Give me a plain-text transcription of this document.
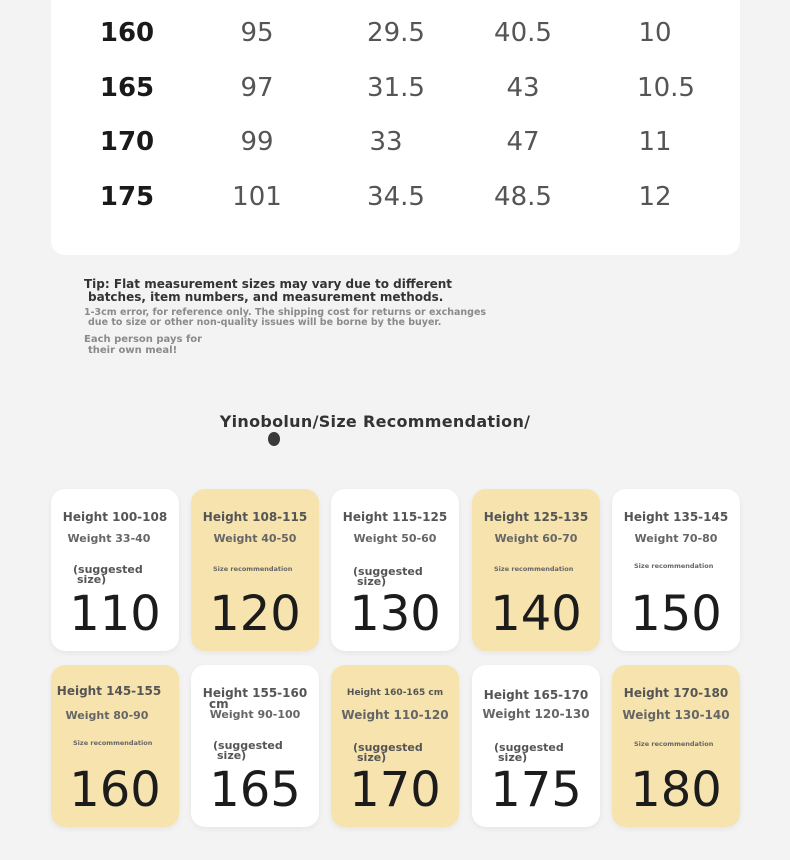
160	95	29.5	40.5	10
165	97	31.5	43	10.5
170	99	33	47	11
175	101	34.5	48.5	12
Tip: Flat measurement sizes may vary due to different
batches, item numbers, and measurement methods.
1-3cm error, for reference only. The shipping cost for returns or exchanges
due to size or other non-quality issues will be borne by the buyer.
Each person pays for
their own meal!
Yinobolun/Size Recommendation/
Height 100-108
Weight 33-40
(suggested
size)
110
Height 108-115
Weight 40-50
Size recommendation
120
Height 115-125
Weight 50-60
(suggested
size)
130
Height 125-135
Weight 60-70
Size recommendation
140
Height 135-145
Weight 70-80
Size recommendation
150
Height 145-155
Weight 80-90
Size recommendation
160
Height 155-160
cm
Weight 90-100
(suggested
size)
165
Height 160-165 cm
Weight 110-120
(suggested
size)
170
Height 165-170
Weight 120-130
(suggested
size)
175
Height 170-180
Weight 130-140
Size recommendation
180
